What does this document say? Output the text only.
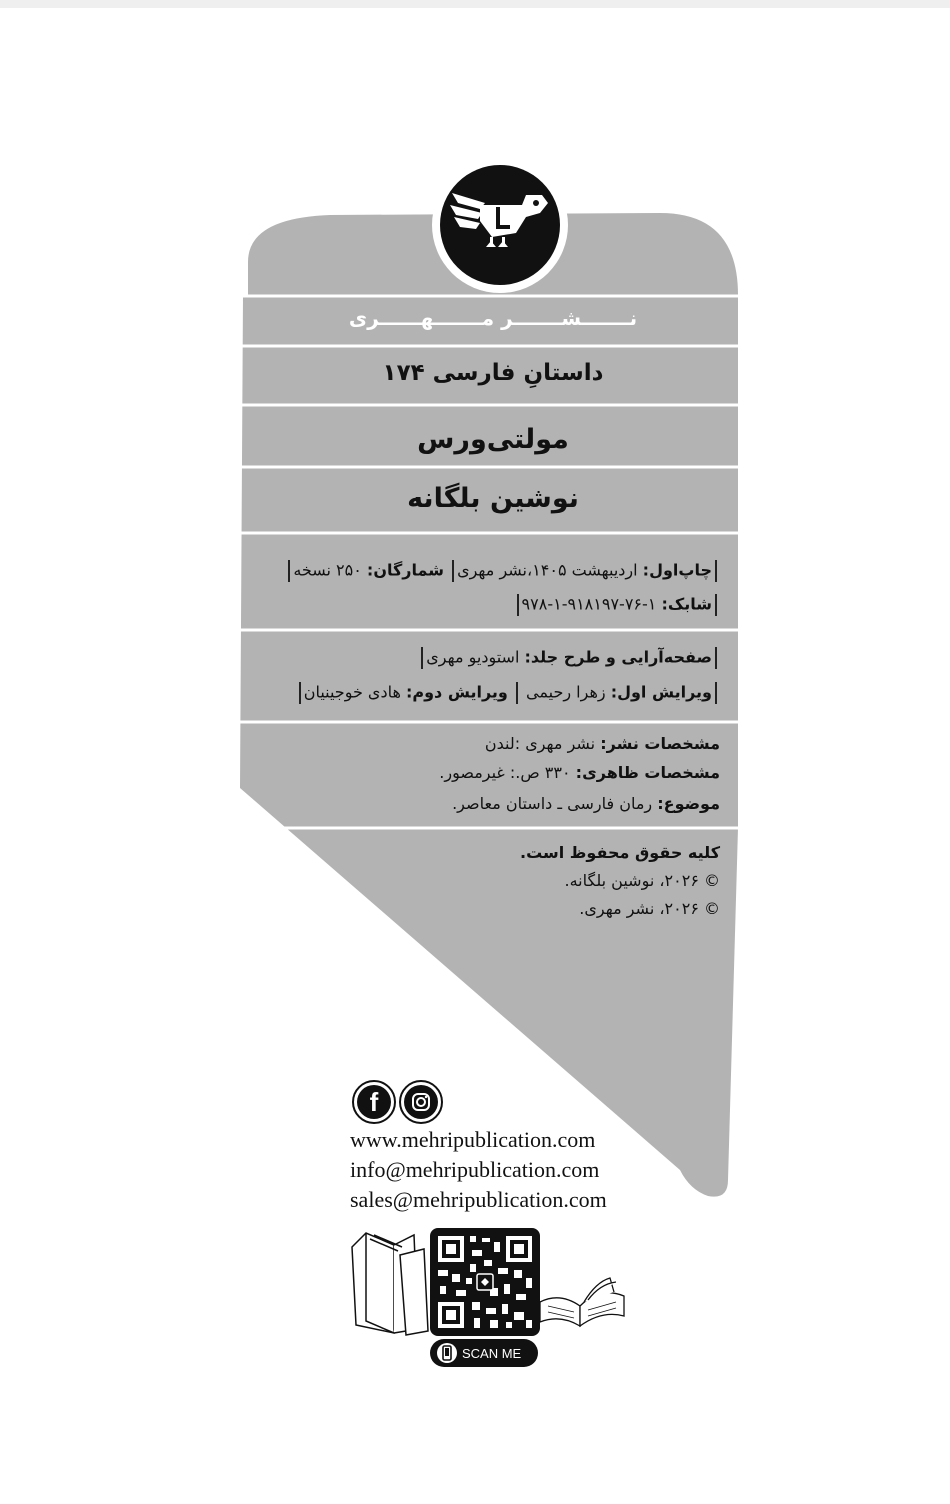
نـــــــشـــــــر مـــــــهــــــری
داستانِ فارسی ۱۷۴
مولتی‌ورس
نوشین بلگانه
چاپ‌اول: اردیبهشت ۱۴۰۵،نشر مهری شمارگان: ۲۵۰ نسخه
شابک: ۱-۷۶-۹۱۸۱۹۷-۱-۹۷۸
صفحه‌آرایی و طرح جلد: استودیو مهری
ویرایش اول: زهرا رحیمی  ویرایش دوم: هادی خوجینیان
مشخصات نشر: نشر مهری :لندن
مشخصات ظاهری: ۳۳۰ ص.: غیرمصور.
موضوع: رمان فارسی ـ داستان معاصر.
کلیه حقوق محفوظ است.
© ۲۰۲۶، نوشین بلگانه.
© ۲۰۲۶، نشر مهری.
f
www.mehripublication.com
info@mehripublication.com
sales@mehripublication.com
SCAN ME
